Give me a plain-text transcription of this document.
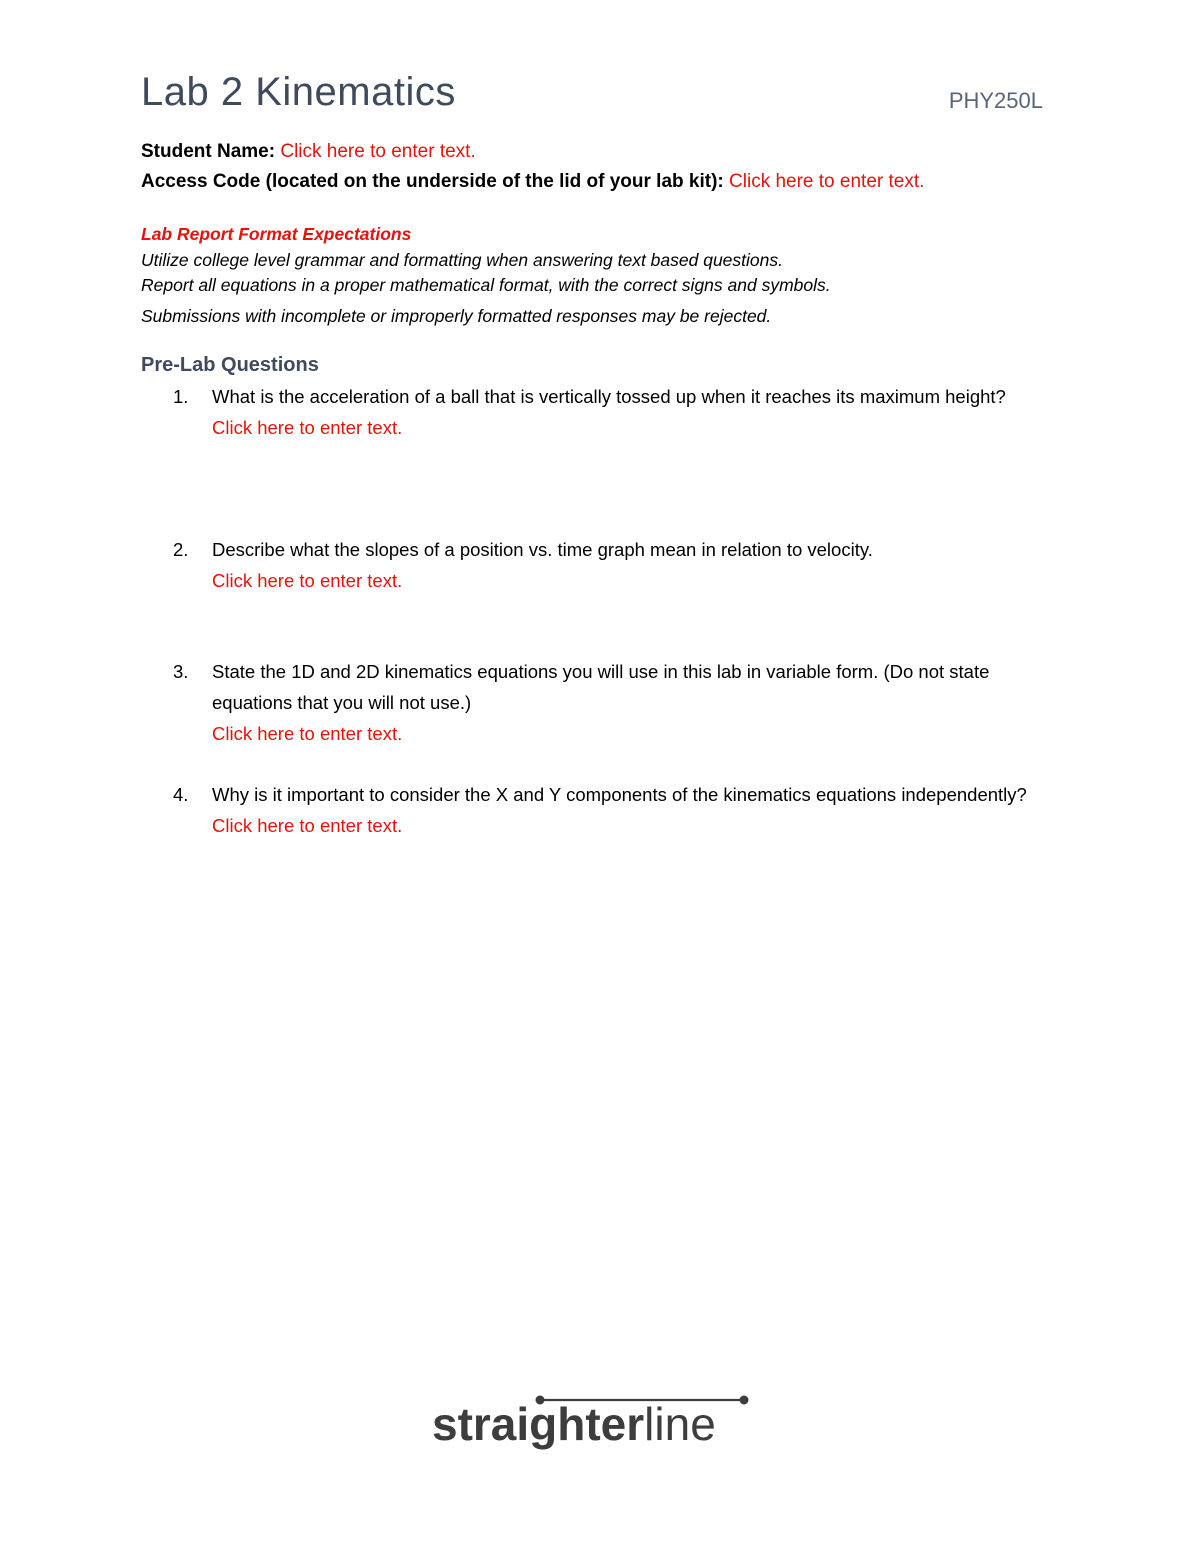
Lab 2 Kinematics	PHY250L
Student Name: Click here to enter text.
Access Code (located on the underside of the lid of your lab kit): Click here to enter text.
Lab Report Format Expectations
Utilize college level grammar and formatting when answering text based questions.
Report all equations in a proper mathematical format, with the correct signs and symbols.
Submissions with incomplete or improperly formatted responses may be rejected.
Pre-Lab Questions
1. What is the acceleration of a ball that is vertically tossed up when it reaches its maximum height?
Click here to enter text.
2. Describe what the slopes of a position vs. time graph mean in relation to velocity.
Click here to enter text.
3. State the 1D and 2D kinematics equations you will use in this lab in variable form. (Do not state equations that you will not use.)
Click here to enter text.
4. Why is it important to consider the X and Y components of the kinematics equations independently?
Click here to enter text.
straighterline
